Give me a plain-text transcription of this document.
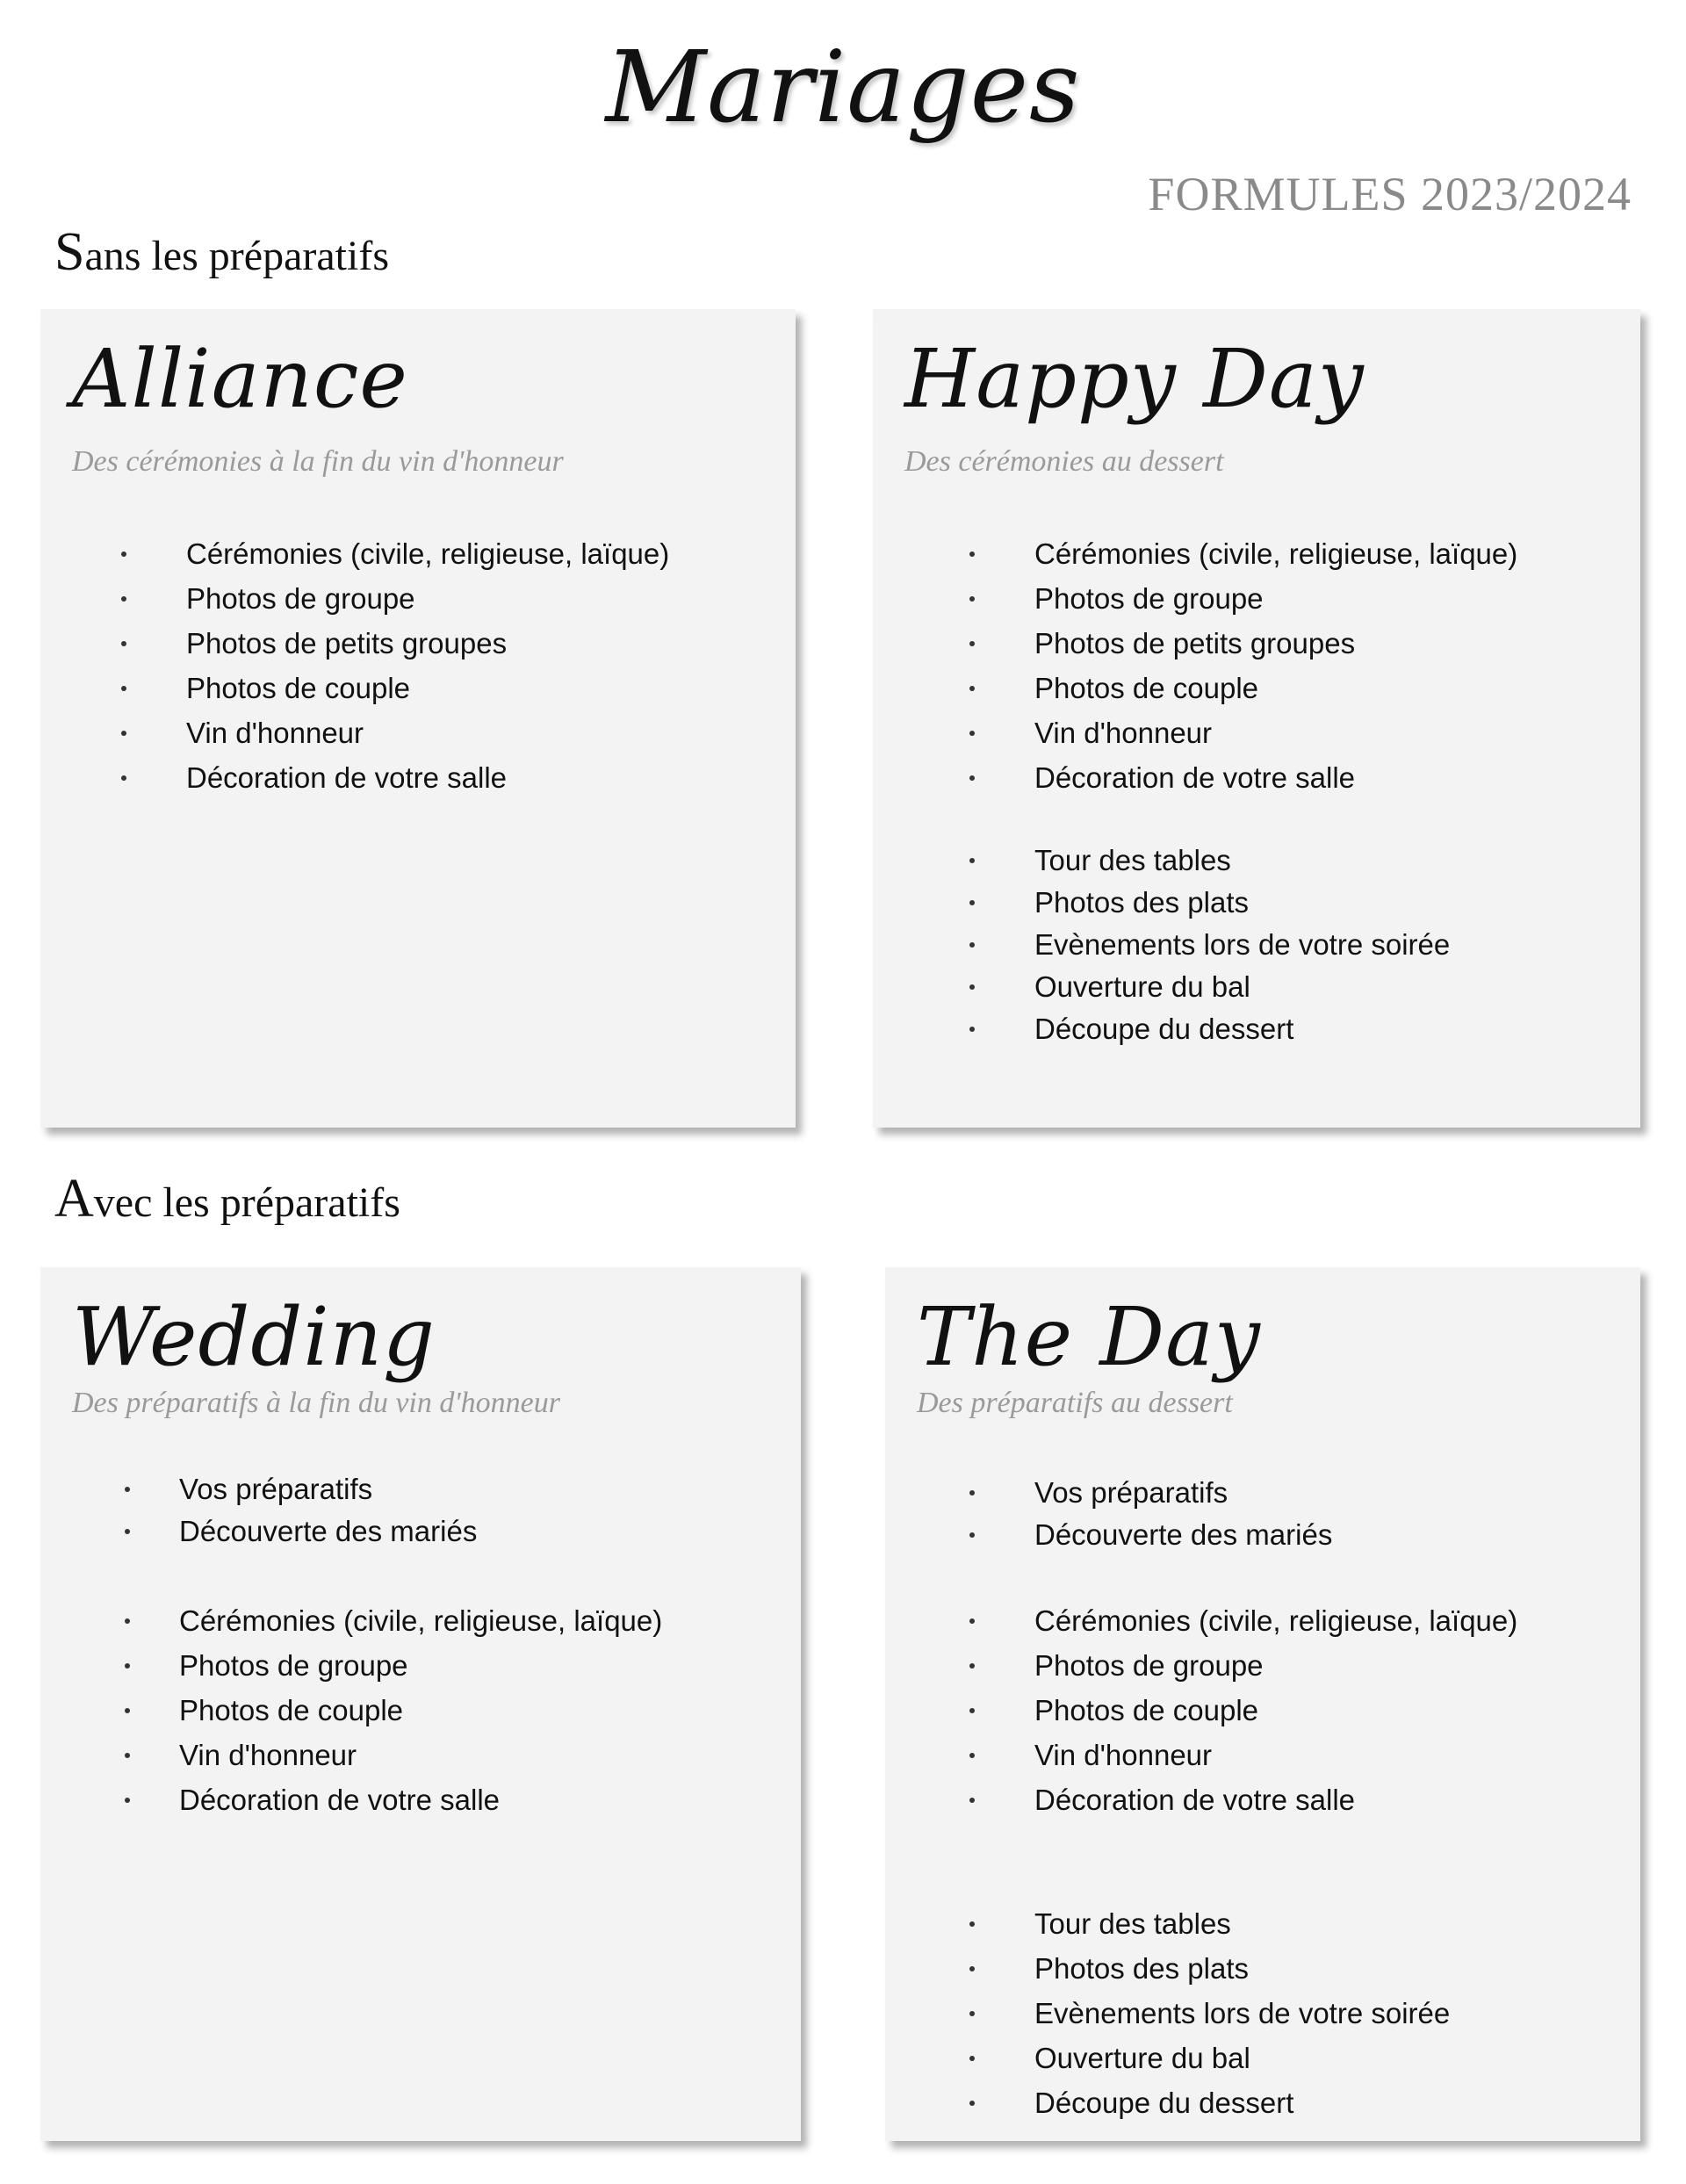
Mariages
FORMULES 2023/2024
Sans les préparatifs
Alliance
Des cérémonies à la fin du vin d'honneur
Cérémonies (civile, religieuse, laïque)
Photos de groupe
Photos de petits groupes
Photos de couple
Vin d'honneur
Décoration de votre salle
Happy Day
Des cérémonies au dessert
Cérémonies (civile, religieuse, laïque)
Photos de groupe
Photos de petits groupes
Photos de couple
Vin d'honneur
Décoration de votre salle
Tour des tables
Photos des plats
Evènements lors de votre soirée
Ouverture du bal
Découpe du dessert
Avec les préparatifs
Wedding
Des préparatifs à la fin du vin d'honneur
Vos préparatifs
Découverte des mariés
Cérémonies (civile, religieuse, laïque)
Photos de groupe
Photos de couple
Vin d'honneur
Décoration de votre salle
The Day
Des préparatifs au dessert
Vos préparatifs
Découverte des mariés
Cérémonies (civile, religieuse, laïque)
Photos de groupe
Photos de couple
Vin d'honneur
Décoration de votre salle
Tour des tables
Photos des plats
Evènements lors de votre soirée
Ouverture du bal
Découpe du dessert
